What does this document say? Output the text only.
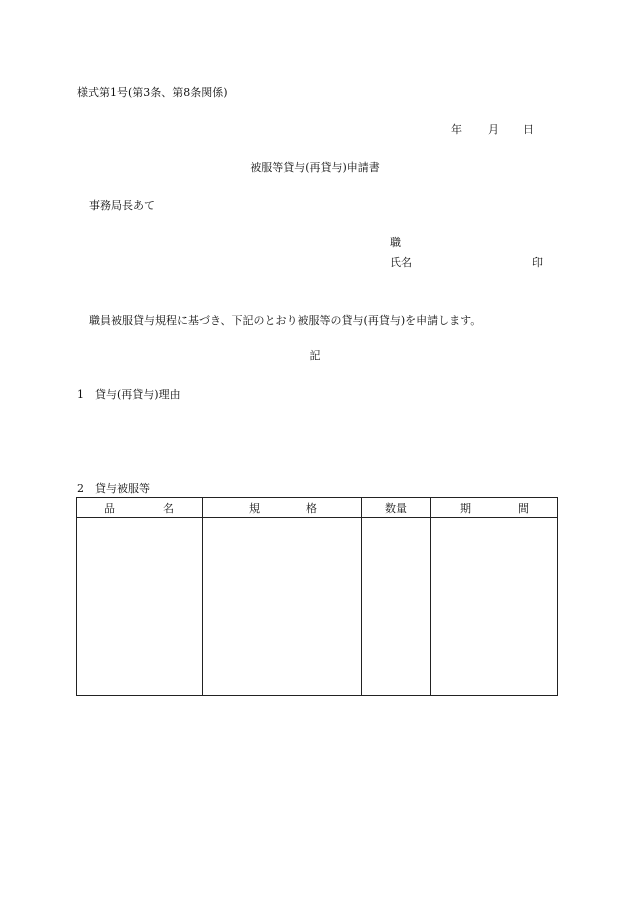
様式第1号(第3条、第8条関係)
年 月 日
被服等貸与(再貸与)申請書
事務局長あて
職
氏名	印
職員被服貸与規程に基づき、下記のとおり被服等の貸与(再貸与)を申請します。
記
1 貸与(再貸与)理由
2 貸与被服等
品 名	規 格	数量	期 間
